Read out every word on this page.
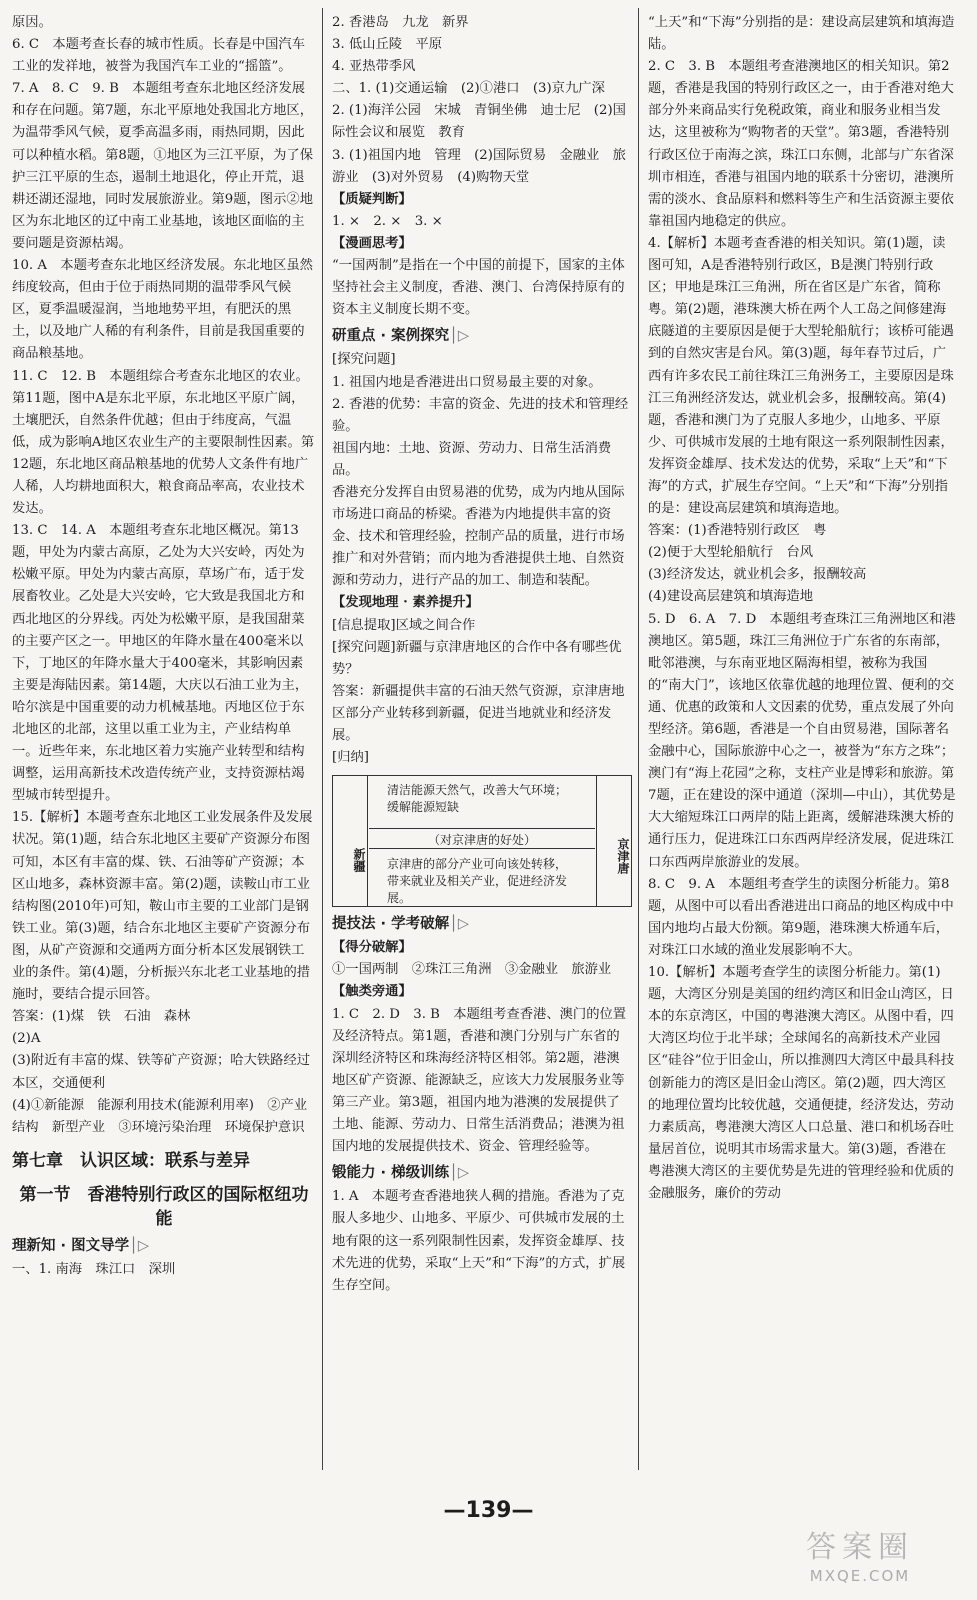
原因。

6. C　本题考查长春的城市性质。长春是中国汽车工业的发祥地，被誉为我国汽车工业的“摇篮”。

7. A　8. C　9. B　本题组考查东北地区经济发展和存在问题。第7题，东北平原地处我国北方地区，为温带季风气候，夏季高温多雨，雨热同期，因此可以种植水稻。第8题，①地区为三江平原，为了保护三江平原的生态，遏制土地退化，停止开荒，退耕还湖还湿地，同时发展旅游业。第9题，图示②地区为东北地区的辽中南工业基地，该地区面临的主要问题是资源枯竭。

10. A　本题考查东北地区经济发展。东北地区虽然纬度较高，但由于位于雨热同期的温带季风气候区，夏季温暖湿润，当地地势平坦，有肥沃的黑土，以及地广人稀的有利条件，目前是我国重要的商品粮基地。

11. C　12. B　本题组综合考查东北地区的农业。第11题，图中A是东北平原，东北地区平原广阔，土壤肥沃，自然条件优越；但由于纬度高，气温低，成为影响A地区农业生产的主要限制性因素。第12题，东北地区商品粮基地的优势人文条件有地广人稀，人均耕地面积大，粮食商品率高，农业技术发达。

13. C　14. A　本题组考查东北地区概况。第13题，甲处为内蒙古高原，乙处为大兴安岭，丙处为松嫩平原。甲处为内蒙古高原，草场广布，适于发展畜牧业。乙处是大兴安岭，它大致是我国北方和西北地区的分界线。丙处为松嫩平原，是我国甜菜的主要产区之一。甲地区的年降水量在400毫米以下，丁地区的年降水量大于400毫米，其影响因素主要是海陆因素。第14题，大庆以石油工业为主，哈尔滨是中国重要的动力机械基地。丙地区位于东北地区的北部，这里以重工业为主，产业结构单一。近些年来，东北地区着力实施产业转型和结构调整，运用高新技术改造传统产业，支持资源枯竭型城市转型提升。

15.【解析】本题考查东北地区工业发展条件及发展状况。第(1)题，结合东北地区主要矿产资源分布图可知，本区有丰富的煤、铁、石油等矿产资源；本区山地多，森林资源丰富。第(2)题，读鞍山市工业结构图(2010年)可知，鞍山市主要的工业部门是钢铁工业。第(3)题，结合东北地区主要矿产资源分布图，从矿产资源和交通两方面分析本区发展钢铁工业的条件。第(4)题，分析振兴东北老工业基地的措施时，要结合提示回答。

答案：(1)煤　铁　石油　森林

(2)A

(3)附近有丰富的煤、铁等矿产资源；哈大铁路经过本区，交通便利

(4)①新能源　能源利用技术(能源利用率)　②产业结构　新型产业　③环境污染治理　环境保护意识

第七章　认识区域：联系与差异
第一节　香港特别行政区的国际枢纽功能
理新知 · 图文导学│▷

一、1. 南海　珠江口　深圳

2. 香港岛　九龙　新界

3. 低山丘陵　平原

4. 亚热带季风

二、1. (1)交通运输　(2)①港口　(3)京九广深

2. (1)海洋公园　宋城　青铜坐佛　迪士尼　(2)国际性会议和展览　教育

3. (1)祖国内地　管理　(2)国际贸易　金融业　旅游业　(3)对外贸易　(4)购物天堂

【质疑判断】

1. ×　2. ×　3. ×

【漫画思考】

“一国两制”是指在一个中国的前提下，国家的主体坚持社会主义制度，香港、澳门、台湾保持原有的资本主义制度长期不变。

研重点 · 案例探究│▷

[探究问题]

1. 祖国内地是香港进出口贸易最主要的对象。

2. 香港的优势：丰富的资金、先进的技术和管理经验。

祖国内地：土地、资源、劳动力、日常生活消费品。

香港充分发挥自由贸易港的优势，成为内地从国际市场进口商品的桥梁。香港为内地提供丰富的资金、技术和管理经验，控制产品的质量，进行市场推广和对外营销；而内地为香港提供土地、自然资源和劳动力，进行产品的加工、制造和装配。

【发现地理 · 素养提升】

[信息提取]区域之间合作

[探究问题]新疆与京津唐地区的合作中各有哪些优势？

答案：新疆提供丰富的石油天然气资源，京津唐地区部分产业转移到新疆，促进当地就业和经济发展。

[归纳]

新疆	京津唐
清洁能源天然气，改善大气环境；缓解能源短缺
（对京津唐的好处）
京津唐的部分产业可向该处转移，带来就业及相关产业，促进经济发展。
提技法 · 学考破解│▷

【得分破解】

①一国两制　②珠江三角洲　③金融业　旅游业

【触类旁通】

1. C　2. D　3. B　本题组考查香港、澳门的位置及经济特点。第1题，香港和澳门分别与广东省的深圳经济特区和珠海经济特区相邻。第2题，港澳地区矿产资源、能源缺乏，应该大力发展服务业等第三产业。第3题，祖国内地为港澳的发展提供了土地、能源、劳动力、日常生活消费品；港澳为祖国内地的发展提供技术、资金、管理经验等。

锻能力 · 梯级训练│▷

1. A　本题考查香港地狭人稠的措施。香港为了克服人多地少、山地多、平原少、可供城市发展的土地有限的这一系列限制性因素，发挥资金雄厚、技术先进的优势，采取“上天”和“下海”的方式，扩展生存空间。

“上天”和“下海”分别指的是：建设高层建筑和填海造陆。

2. C　3. B　本题组考查港澳地区的相关知识。第2题，香港是我国的特别行政区之一，由于香港对绝大部分外来商品实行免税政策，商业和服务业相当发达，这里被称为“购物者的天堂”。第3题，香港特别行政区位于南海之滨，珠江口东侧，北部与广东省深圳市相连，香港与祖国内地的联系十分密切，港澳所需的淡水、食品原料和燃料等生产和生活资源主要依靠祖国内地稳定的供应。

4.【解析】本题考查香港的相关知识。第(1)题，读图可知，A是香港特别行政区，B是澳门特别行政区；甲地是珠江三角洲，所在省区是广东省，简称粤。第(2)题，港珠澳大桥在两个人工岛之间修建海底隧道的主要原因是便于大型轮船航行；该桥可能遇到的自然灾害是台风。第(3)题，每年春节过后，广西有许多农民工前往珠江三角洲务工，主要原因是珠江三角洲经济发达，就业机会多，报酬较高。第(4)题，香港和澳门为了克服人多地少，山地多、平原少、可供城市发展的土地有限这一系列限制性因素，发挥资金雄厚、技术发达的优势，采取“上天”和“下海”的方式，扩展生存空间。“上天”和“下海”分别指的是：建设高层建筑和填海造地。

答案：(1)香港特别行政区　粤

(2)便于大型轮船航行　台风

(3)经济发达，就业机会多，报酬较高

(4)建设高层建筑和填海造地

5. D　6. A　7. D　本题组考查珠江三角洲地区和港澳地区。第5题，珠江三角洲位于广东省的东南部，毗邻港澳，与东南亚地区隔海相望，被称为我国的“南大门”，该地区依靠优越的地理位置、便利的交通、优惠的政策和人文因素的优势，重点发展了外向型经济。第6题，香港是一个自由贸易港，国际著名金融中心，国际旅游中心之一，被誉为“东方之珠”；澳门有“海上花园”之称，支柱产业是博彩和旅游。第7题，正在建设的深中通道（深圳—中山），其优势是大大缩短珠江口两岸的陆上距离，缓解港珠澳大桥的通行压力，促进珠江口东西两岸经济发展，促进珠江口东西两岸旅游业的发展。

8. C　9. A　本题组考查学生的读图分析能力。第8题，从图中可以看出香港进出口商品的地区构成中中国内地均占最大份额。第9题，港珠澳大桥通车后，对珠江口水域的渔业发展影响不大。

10.【解析】本题考查学生的读图分析能力。第(1)题，大湾区分别是美国的纽约湾区和旧金山湾区，日本的东京湾区，中国的粤港澳大湾区。从图中看，四大湾区均位于北半球；全球闻名的高新技术产业园区“硅谷”位于旧金山，所以推测四大湾区中最具科技创新能力的湾区是旧金山湾区。第(2)题，四大湾区的地理位置均比较优越，交通便捷，经济发达，劳动力素质高，粤港澳大湾区人口总量、港口和机场吞吐量居首位，说明其市场需求量大。第(3)题，香港在粤港澳大湾区的主要优势是先进的管理经验和优质的金融服务，廉价的劳动

—139—
答案圈
MXQE.COM
